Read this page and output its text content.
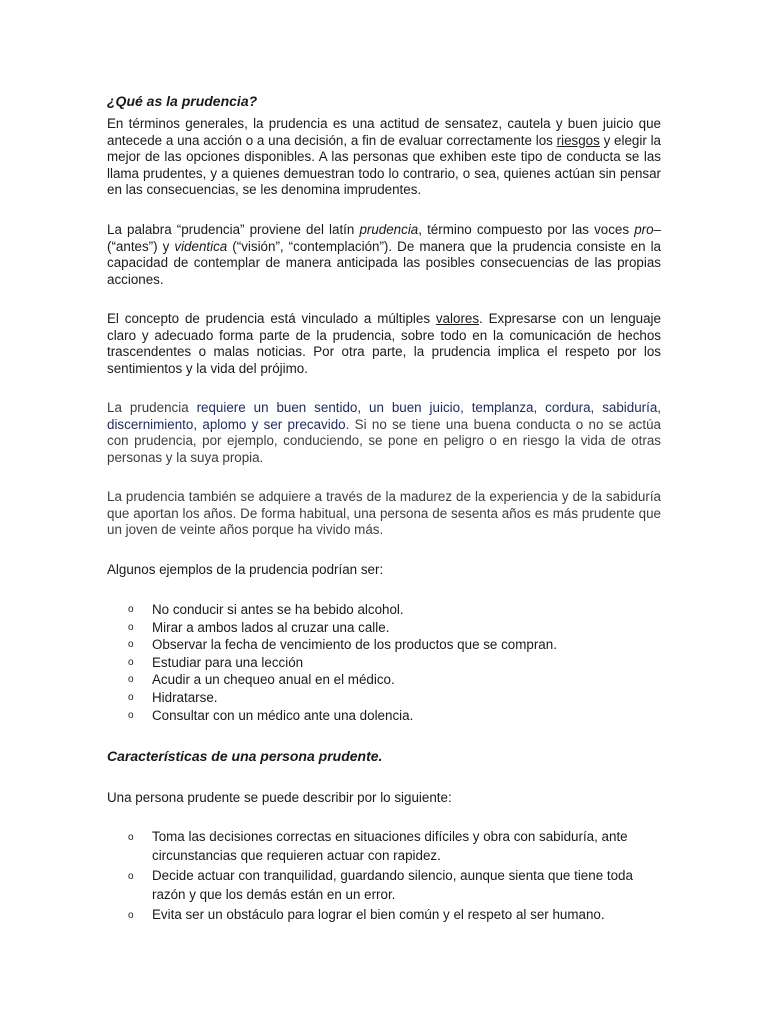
¿Qué as la prudencia?

En términos generales, la prudencia es una actitud de sensatez, cautela y buen juicio que antecede a una acción o a una decisión, a fin de evaluar correctamente los riesgos y elegir la mejor de las opciones disponibles. A las personas que exhiben este tipo de conducta se las llama prudentes, y a quienes demuestran todo lo contrario, o sea, quienes actúan sin pensar en las consecuencias, se les denomina imprudentes.

La palabra “prudencia” proviene del latín prudencia, término compuesto por las voces pro– (“antes”) y videntica (“visión”, “contemplación”). De manera que la prudencia consiste en la capacidad de contemplar de manera anticipada las posibles consecuencias de las propias acciones.

El concepto de prudencia está vinculado a múltiples valores. Expresarse con un lenguaje claro y adecuado forma parte de la prudencia, sobre todo en la comunicación de hechos trascendentes o malas noticias. Por otra parte, la prudencia implica el respeto por los sentimientos y la vida del prójimo.

La prudencia requiere un buen sentido, un buen juicio, templanza, cordura, sabiduría, discernimiento, aplomo y ser precavido. Si no se tiene una buena conducta o no se actúa con prudencia, por ejemplo, conduciendo, se pone en peligro o en riesgo la vida de otras personas y la suya propia.

La prudencia también se adquiere a través de la madurez de la experiencia y de la sabiduría que aportan los años. De forma habitual, una persona de sesenta años es más prudente que un joven de veinte años porque ha vivido más.

Algunos ejemplos de la prudencia podrían ser:

o No conducir si antes se ha bebido alcohol.
o Mirar a ambos lados al cruzar una calle.
o Observar la fecha de vencimiento de los productos que se compran.
o Estudiar para una lección
o Acudir a un chequeo anual en el médico.
o Hidratarse.
o Consultar con un médico ante una dolencia.
Características de una persona prudente.

Una persona prudente se puede describir por lo siguiente:

o Toma las decisiones correctas en situaciones difíciles y obra con sabiduría, ante circunstancias que requieren actuar con rapidez.
o Decide actuar con tranquilidad, guardando silencio, aunque sienta que tiene toda razón y que los demás están en un error.
o Evita ser un obstáculo para lograr el bien común y el respeto al ser humano.
